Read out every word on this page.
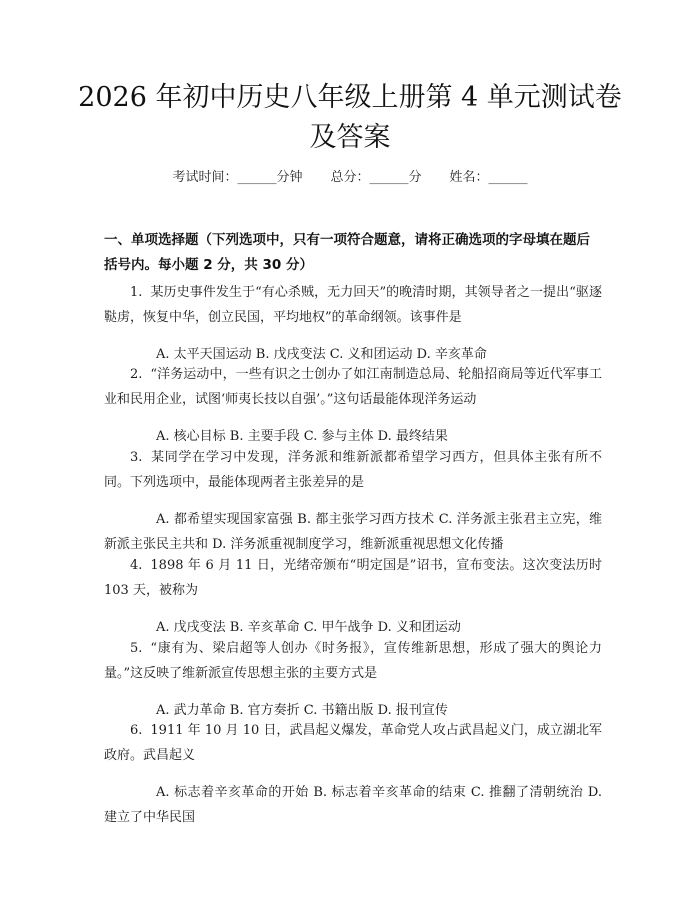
2026 年初中历史八年级上册第 4 单元测试卷
及答案
考试时间：______分钟 总分：______分 姓名：______
一、单项选择题（下列选项中，只有一项符合题意，请将正确选项的字母填在题后括号内。每小题 2 分，共 30 分）
1. 某历史事件发生于“有心杀贼，无力回天”的晚清时期，其领导者之一提出“驱逐鞑虏，恢复中华，创立民国，平均地权”的革命纲领。该事件是
A. 太平天国运动 B. 戊戌变法 C. 义和团运动 D. 辛亥革命
2. “洋务运动中，一些有识之士创办了如江南制造总局、轮船招商局等近代军事工业和民用企业，试图‘师夷长技以自强’。”这句话最能体现洋务运动
A. 核心目标 B. 主要手段 C. 参与主体 D. 最终结果
3. 某同学在学习中发现，洋务派和维新派都希望学习西方，但具体主张有所不同。下列选项中，最能体现两者主张差异的是
A. 都希望实现国家富强 B. 都主张学习西方技术 C. 洋务派主张君主立宪，维新派主张民主共和 D. 洋务派重视制度学习，维新派重视思想文化传播
4. 1898 年 6 月 11 日，光绪帝颁布“明定国是”诏书，宣布变法。这次变法历时 103 天，被称为
A. 戊戌变法 B. 辛亥革命 C. 甲午战争 D. 义和团运动
5. “康有为、梁启超等人创办《时务报》，宣传维新思想，形成了强大的舆论力量。”这反映了维新派宣传思想主张的主要方式是
A. 武力革命 B. 官方奏折 C. 书籍出版 D. 报刊宣传
6. 1911 年 10 月 10 日，武昌起义爆发，革命党人攻占武昌起义门，成立湖北军政府。武昌起义
A. 标志着辛亥革命的开始 B. 标志着辛亥革命的结束 C. 推翻了清朝统治 D. 建立了中华民国
